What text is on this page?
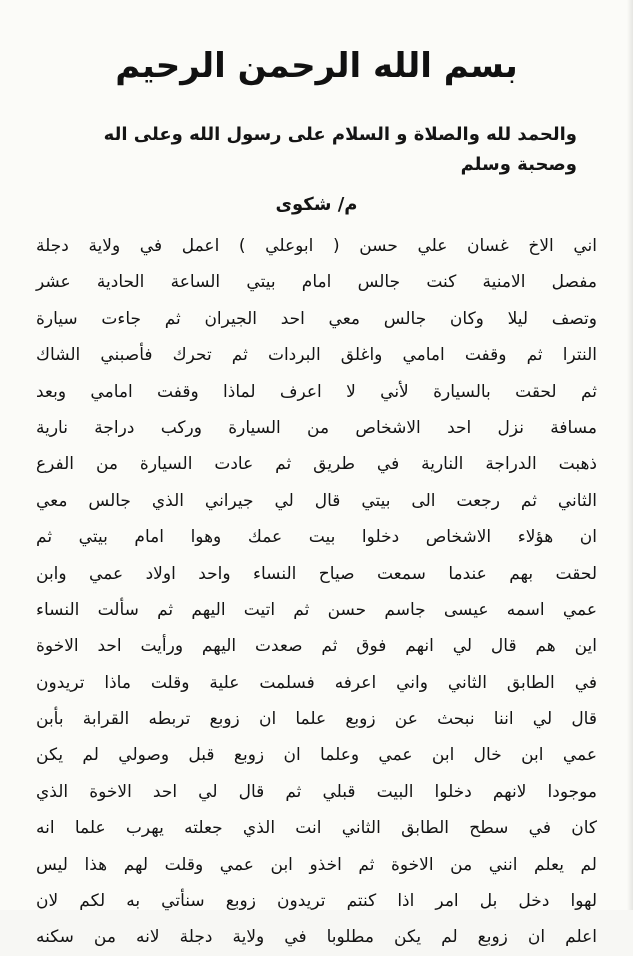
بسم الله الرحمن الرحيم
والحمد لله والصلاة و السلام على رسول الله وعلى اله وصحبة وسلم
م/ شكوى
اني الاخ غسان علي حسن ( ابوعلي ) اعمل في ولاية دجلة
مفصل الامنية كنت جالس امام بيتي الساعة الحادية عشر
وتصف ليلا وكان جالس معي احد الجيران ثم جاءت سيارة
النترا ثم وقفت امامي واغلق البردات ثم تحرك فأصبني الشاك
ثم لحقت بالسيارة لأني لا اعرف لماذا وقفت امامي وبعد
مسافة نزل احد الاشخاص من السيارة وركب دراجة نارية
ذهبت الدراجة النارية في طريق ثم عادت السيارة من الفرع
الثاني ثم رجعت الى بيتي قال لي جيراني الذي جالس معي
ان هؤلاء الاشخاص دخلوا بيت عمك وهوا امام بيتي ثم
لحقت بهم عندما سمعت صياح النساء واحد اولاد عمي وابن
عمي اسمه عيسى جاسم حسن ثم اتيت اليهم ثم سألت النساء
اين هم قال لي انهم فوق ثم صعدت اليهم ورأيت احد الاخوة
في الطابق الثاني واني اعرفه فسلمت علية وقلت ماذا تريدون
قال لي اننا نبحث عن زوبع علما ان زوبع تربطه القرابة بأبن
عمي ابن خال ابن عمي وعلما ان زوبع قبل وصولي لم يكن
موجودا لانهم دخلوا البيت قبلي ثم قال لي احد الاخوة الذي
كان في سطح الطابق الثاني انت الذي جعلته يهرب علما انه
لم يعلم انني من الاخوة ثم اخذو ابن عمي وقلت لهم هذا ليس
لهوا دخل بل امر اذا كنتم تريدون زوبع سنأتي به لكم لان
اعلم ان زوبع لم يكن مطلوبا في ولاية دجلة لانه من سكنه
